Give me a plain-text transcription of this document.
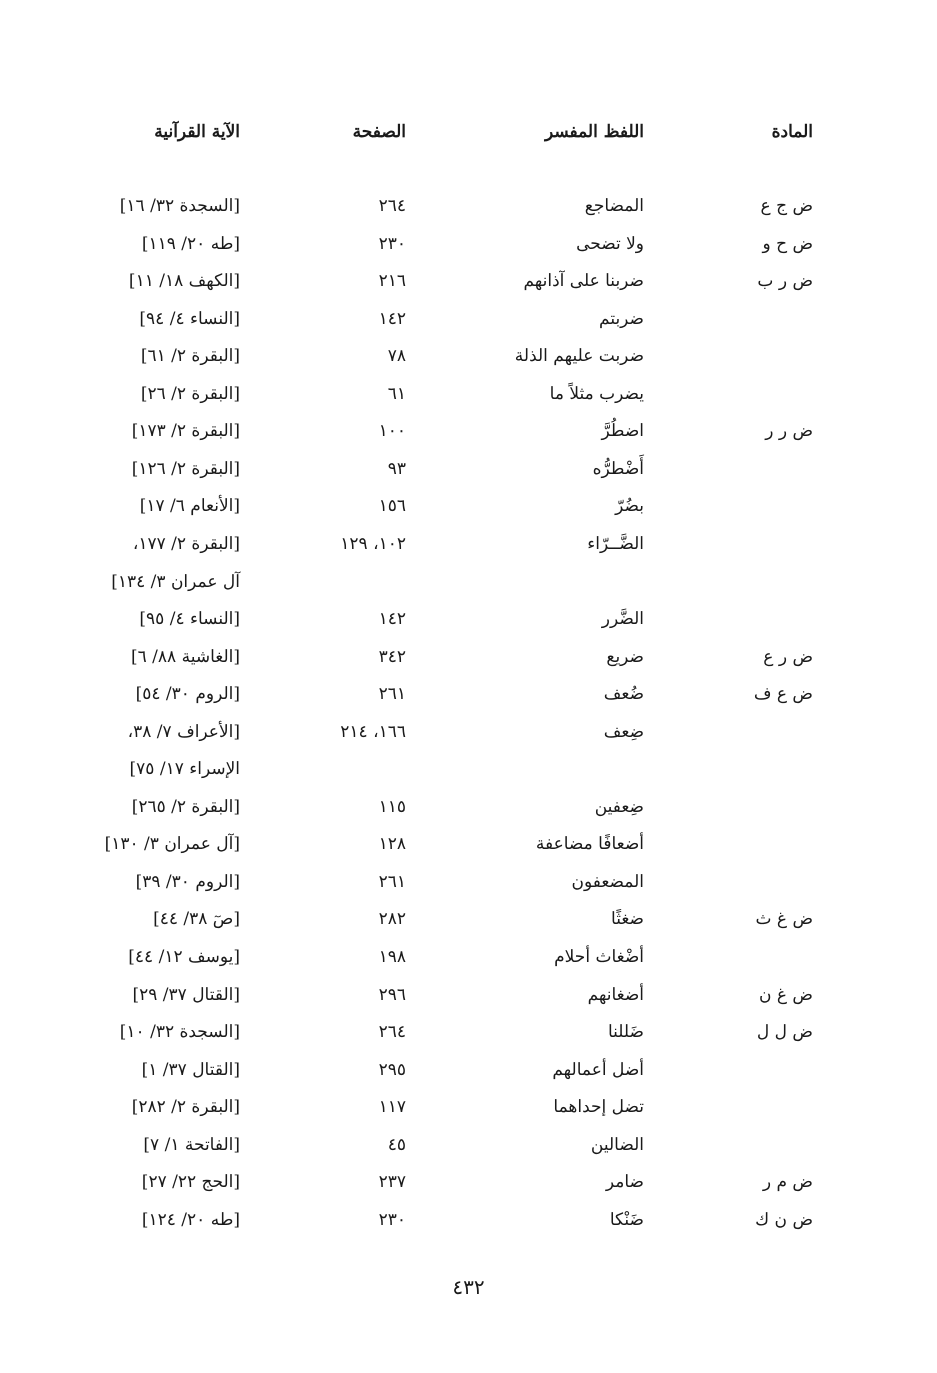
المادة
اللفظ المفسر
الصفحة
الآية القرآنية
ض ج ع
المضاجع
٢٦٤
[السجدة ٣٢/ ١٦]
ض ح و
ولا تضحى
٢٣٠
[طه ٢٠/ ١١٩]
ض ر ب
ضربنا على آذانهم
٢١٦
[الكهف ١٨/ ١١]
ضربتم
١٤٢
[النساء ٤/ ٩٤]
ضربت عليهم الذلة
٧٨
[البقرة ٢/ ٦١]
يضرب مثلاً ما
٦١
[البقرة ٢/ ٢٦]
ض ر ر
اضطُرَّ
١٠٠
[البقرة ٢/ ١٧٣]
أَضْطرُّه
٩٣
[البقرة ٢/ ١٢٦]
بضُرّ
١٥٦
[الأنعام ٦/ ١٧]
الضَّــرّاء
١٠٢، ١٢٩
[البقرة ٢/ ١٧٧،
آل عمران ٣/ ١٣٤]
الضَّرر
١٤٢
[النساء ٤/ ٩٥]
ض ر ع
ضريع
٣٤٢
[الغاشية ٨٨/ ٦]
ض ع ف
ضُعف
٢٦١
[الروم ٣٠/ ٥٤]
ضِعف
١٦٦، ٢١٤
[الأعراف ٧/ ٣٨،
الإسراء ١٧/ ٧٥]
ضِعفين
١١٥
[البقرة ٢/ ٢٦٥]
أضعافًا مضاعفة
١٢٨
[آل عمران ٣/ ١٣٠]
المضعفون
٢٦١
[الروم ٣٠/ ٣٩]
ض غ ث
ضغثًا
٢٨٢
[صٓ ٣٨/ ٤٤]
أضْغاث أحلام
١٩٨
[يوسف ١٢/ ٤٤]
ض غ ن
أضغانهم
٢٩٦
[القتال ٣٧/ ٢٩]
ض ل ل
ضَللنا
٢٦٤
[السجدة ٣٢/ ١٠]
أضل أعمالهم
٢٩٥
[القتال ٣٧/ ١]
تضل إحداهما
١١٧
[البقرة ٢/ ٢٨٢]
الضالين
٤٥
[الفاتحة ١/ ٧]
ض م ر
ضامر
٢٣٧
[الحج ٢٢/ ٢٧]
ض ن ك
ضَنْكا
٢٣٠
[طه ٢٠/ ١٢٤]
٤٣٢
